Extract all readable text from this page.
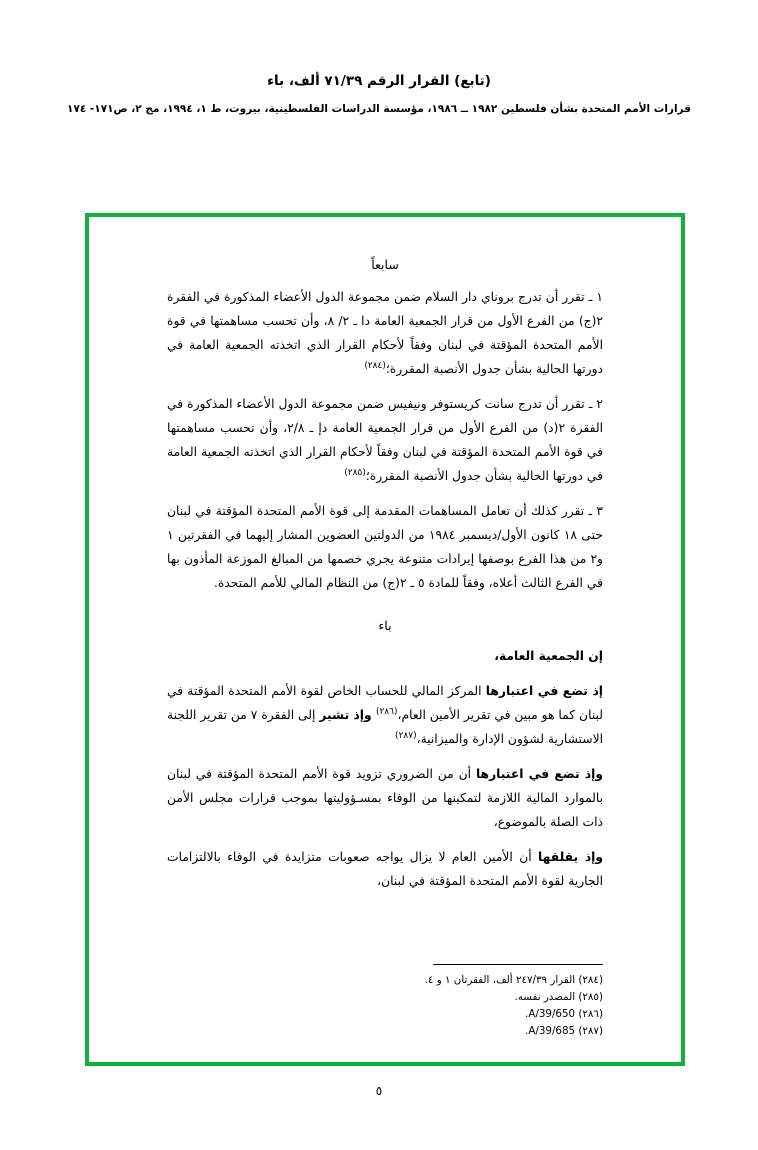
(تابع) القرار الرقم ٧١/٣٩ ألف، باء
قرارات الأمم المتحدة بشأن فلسطين ١٩٨٢ ــ ١٩٨٦، مؤسسة الدراسات الفلسطينية، بيروت، ط ١، ١٩٩٤، مج ٢، ص١٧١- ١٧٤
سابعاً

١ ـ تقرر أن تدرج بروناي دار السلام ضمن مجموعة الدول الأعضاء المذكورة في الفقرة ٢(ج) من الفرع الأول من قرار الجمعية العامة دا ـ ٢/ ٨، وأن تحسب مساهمتها في قوة الأمم المتحدة المؤقتة في لبنان وفقاً لأحكام القرار الذي اتخذته الجمعية العامة في دورتها الحالية بشأن جدول الأنصبة المقررة؛$^{(٢٨٤)}$

٢ ـ تقرر أن تدرج سانت كريستوفر ونيفيس ضمن مجموعة الدول الأعضاء المذكورة في الفقرة ٢(د) من الفرع الأول من قرار الجمعية العامة دإ ـ ٢/٨، وأن تحسب مساهمتها في قوة الأمم المتحدة المؤقتة في لبنان وفقاً لأحكام القرار الذي اتخذته الجمعية العامة في دورتها الحالية بشأن جدول الأنصبة المقررة؛$^{(٢٨٥)}$

٣ ـ تقرر كذلك أن تعامل المساهمات المقدمة إلى قوة الأمم المتحدة المؤقتة في لبنان حتى ١٨ كانون الأول/ديسمبر ١٩٨٤ من الدولتين العضوين المشار إليهما في الفقرتين ١ و٢ من هذا الفرع بوصفها إيرادات متنوعة يجري خصمها من المبالغ الموزعة المأذون بها في الفرع الثالث أعلاه، وفقاً للمادة ٥ ـ ٢(ج) من النظام المالي للأمم المتحدة.

باء

إن الجمعية العامة،

إذ تضع في اعتبارها المركز المالي للحساب الخاص لقوة الأمم المتحدة المؤقتة في لبنان كما هو مبين في تقرير الأمين العام،$^{(٢٨٦)}$ وإذ تشير إلى الفقرة ٧ من تقرير اللجنة الاستشارية لشؤون الإدارة والميزانية،$^{(٢٨٧)}$

وإذ تضع في اعتبارها أن من الضروري تزويد قوة الأمم المتحدة المؤقتة في لبنان بالموارد المالية اللازمة لتمكينها من الوفاء بمسـؤوليتها بموجب قرارات مجلس الأمن ذات الصلة بالموضوع،

وإذ يقلقها أن الأمين العام لا يزال يواجه صعوبات متزايدة في الوفاء بالالتزامات الجارية لقوة الأمم المتحدة المؤقتة في لبنان،

(٢٨٤) القرار ٢٤٧/٣٩ ألف، الفقرتان ١ و ٤.
(٢٨٥) المصدر نفسه.
(٢٨٦) A/39/650.
(٢٨٧) A/39/685.
٥
